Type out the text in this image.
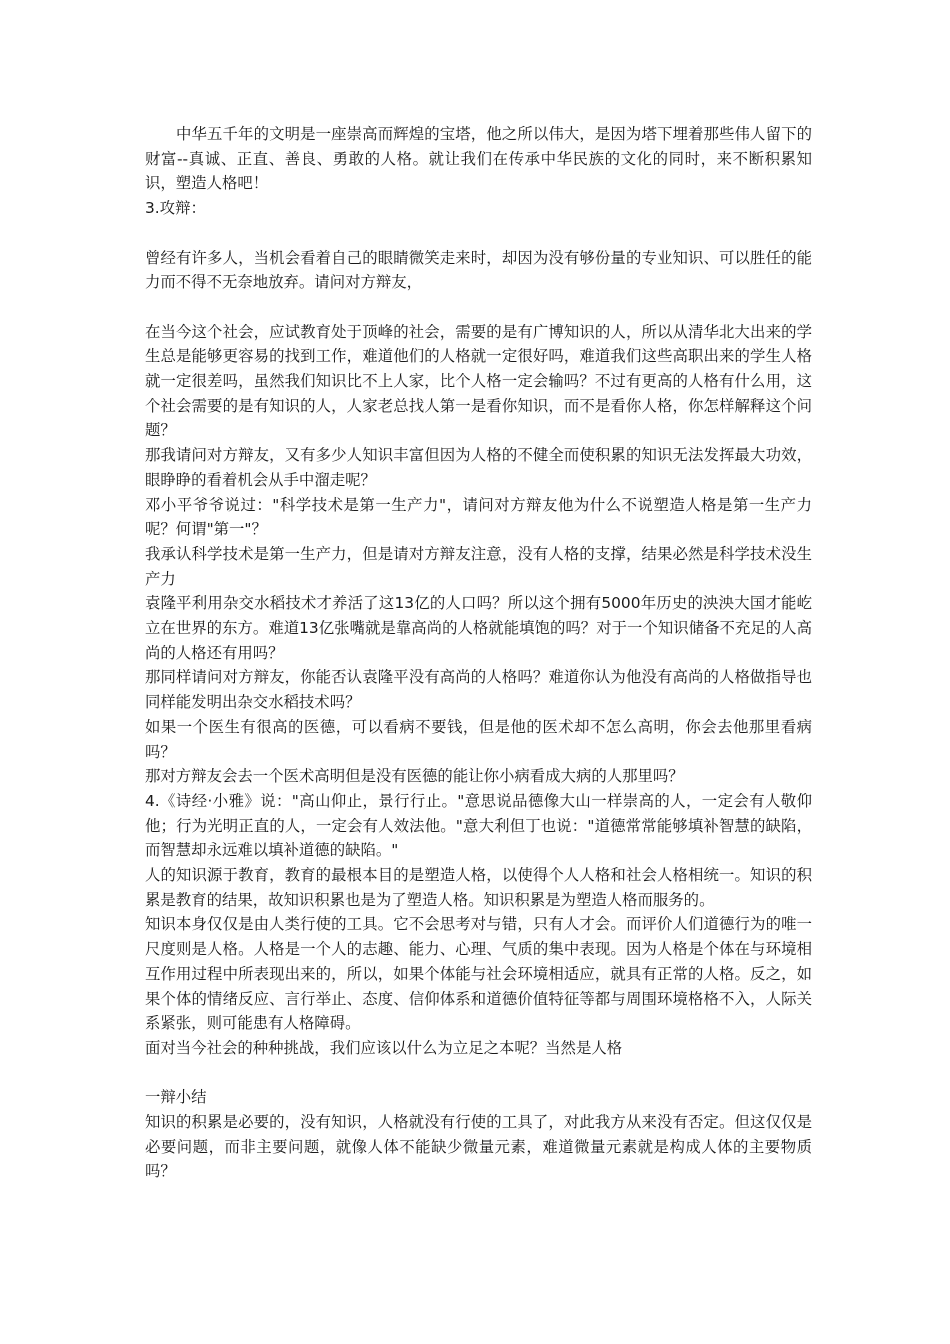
中华五千年的文明是一座崇高而辉煌的宝塔，他之所以伟大，是因为塔下埋着那些伟人留下的财富--真诚、正直、善良、勇敢的人格。就让我们在传承中华民族的文化的同时，来不断积累知识，塑造人格吧！

3.攻辩：

曾经有许多人，当机会看着自己的眼睛微笑走来时，却因为没有够份量的专业知识、可以胜任的能力而不得不无奈地放弃。请问对方辩友，

在当今这个社会，应试教育处于顶峰的社会，需要的是有广博知识的人，所以从清华北大出来的学生总是能够更容易的找到工作，难道他们的人格就一定很好吗，难道我们这些高职出来的学生人格就一定很差吗，虽然我们知识比不上人家，比个人格一定会输吗？不过有更高的人格有什么用，这个社会需要的是有知识的人，人家老总找人第一是看你知识，而不是看你人格，你怎样解释这个问题？

那我请问对方辩友，又有多少人知识丰富但因为人格的不健全而使积累的知识无法发挥最大功效，眼睁睁的看着机会从手中溜走呢？

邓小平爷爷说过："科学技术是第一生产力"，请问对方辩友他为什么不说塑造人格是第一生产力呢？何谓"第一"？

我承认科学技术是第一生产力，但是请对方辩友注意，没有人格的支撑，结果必然是科学技术没生产力

袁隆平利用杂交水稻技术才养活了这13亿的人口吗？所以这个拥有5000年历史的泱泱大国才能屹立在世界的东方。难道13亿张嘴就是靠高尚的人格就能填饱的吗？对于一个知识储备不充足的人高尚的人格还有用吗？

那同样请问对方辩友，你能否认袁隆平没有高尚的人格吗？难道你认为他没有高尚的人格做指导也同样能发明出杂交水稻技术吗？

如果一个医生有很高的医德，可以看病不要钱，但是他的医术却不怎么高明，你会去他那里看病吗？

那对方辩友会去一个医术高明但是没有医德的能让你小病看成大病的人那里吗？

4.《诗经·小雅》说："高山仰止，景行行止。"意思说品德像大山一样崇高的人，一定会有人敬仰他；行为光明正直的人，一定会有人效法他。"意大利但丁也说："道德常常能够填补智慧的缺陷，而智慧却永远难以填补道德的缺陷。"

人的知识源于教育，教育的最根本目的是塑造人格，以使得个人人格和社会人格相统一。知识的积累是教育的结果，故知识积累也是为了塑造人格。知识积累是为塑造人格而服务的。

知识本身仅仅是由人类行使的工具。它不会思考对与错，只有人才会。而评价人们道德行为的唯一尺度则是人格。人格是一个人的志趣、能力、心理、气质的集中表现。因为人格是个体在与环境相互作用过程中所表现出来的，所以，如果个体能与社会环境相适应，就具有正常的人格。反之，如果个体的情绪反应、言行举止、态度、信仰体系和道德价值特征等都与周围环境格格不入，人际关系紧张，则可能患有人格障碍。

面对当今社会的种种挑战，我们应该以什么为立足之本呢？当然是人格

一辩小结

知识的积累是必要的，没有知识，人格就没有行使的工具了，对此我方从来没有否定。但这仅仅是必要问题，而非主要问题，就像人体不能缺少微量元素，难道微量元素就是构成人体的主要物质吗？
